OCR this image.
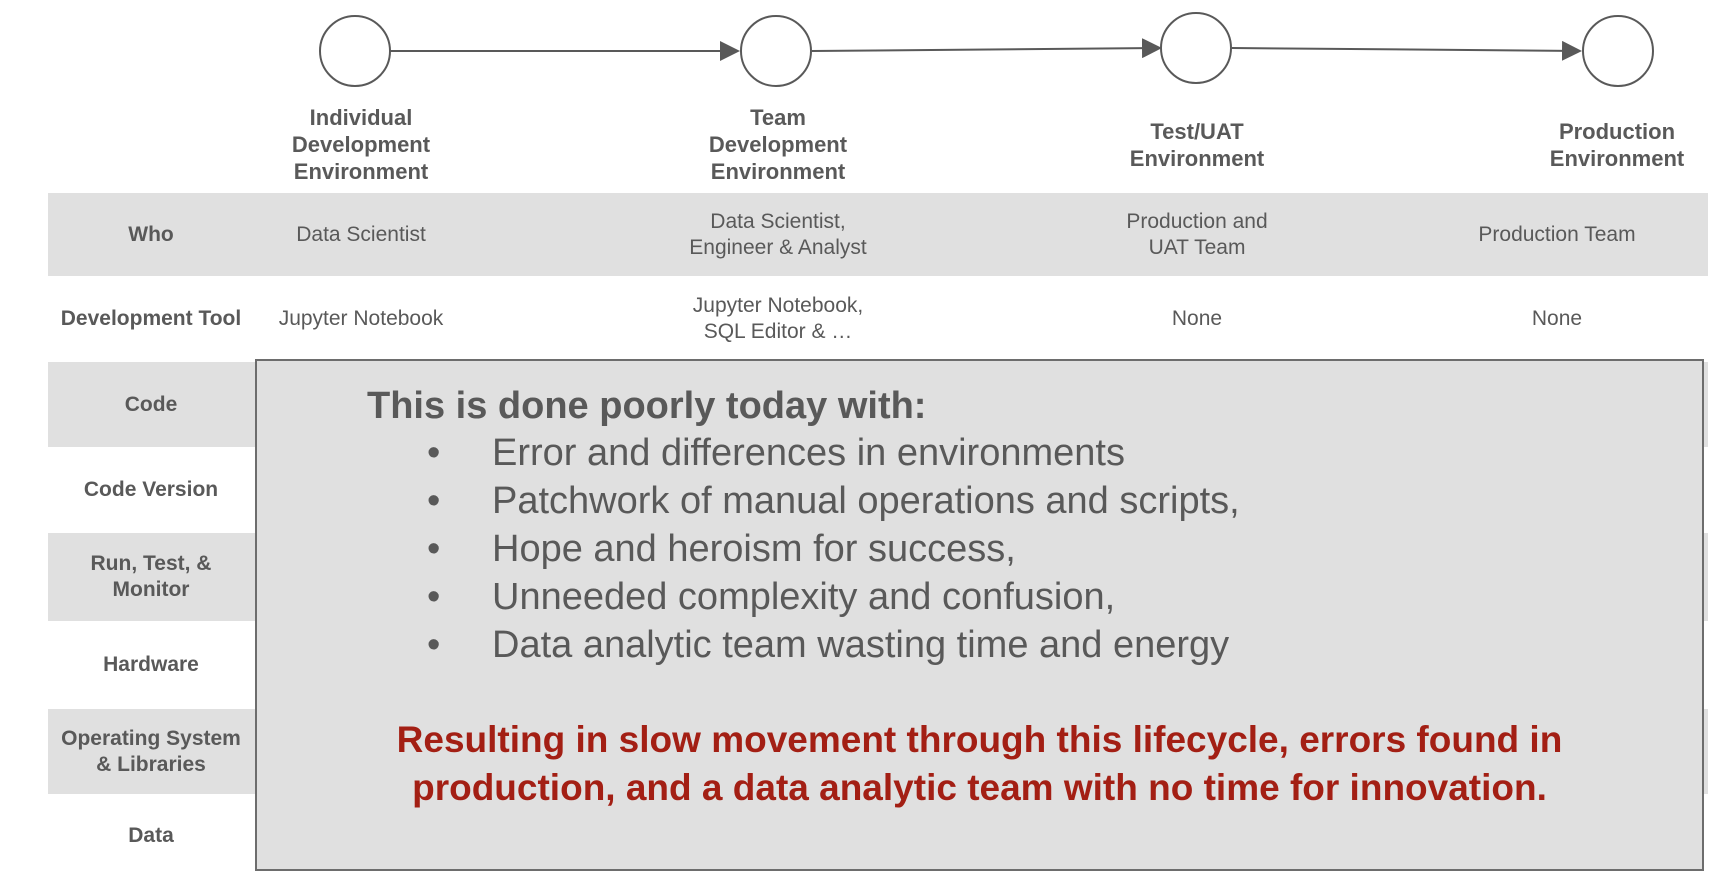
Individual
Development
Environment
Team
Development
Environment
Test/UAT
Environment
Production
Environment
Who
Development Tool
Code
Code Version
Run, Test, &
Monitor
Hardware
Operating System
& Libraries
Data
Data Scientist
Data Scientist,
Engineer & Analyst
Production and
UAT Team
Production Team
Jupyter Notebook
Jupyter Notebook,
SQL Editor & …
None	None
This is done poorly today with:
• Error and differences in environments
• Patchwork of manual operations and scripts,
• Hope and heroism for success,
• Unneeded complexity and confusion,
• Data analytic team wasting time and energy
Resulting in slow movement through this lifecycle, errors found in production, and a data analytic team with no time for innovation.
